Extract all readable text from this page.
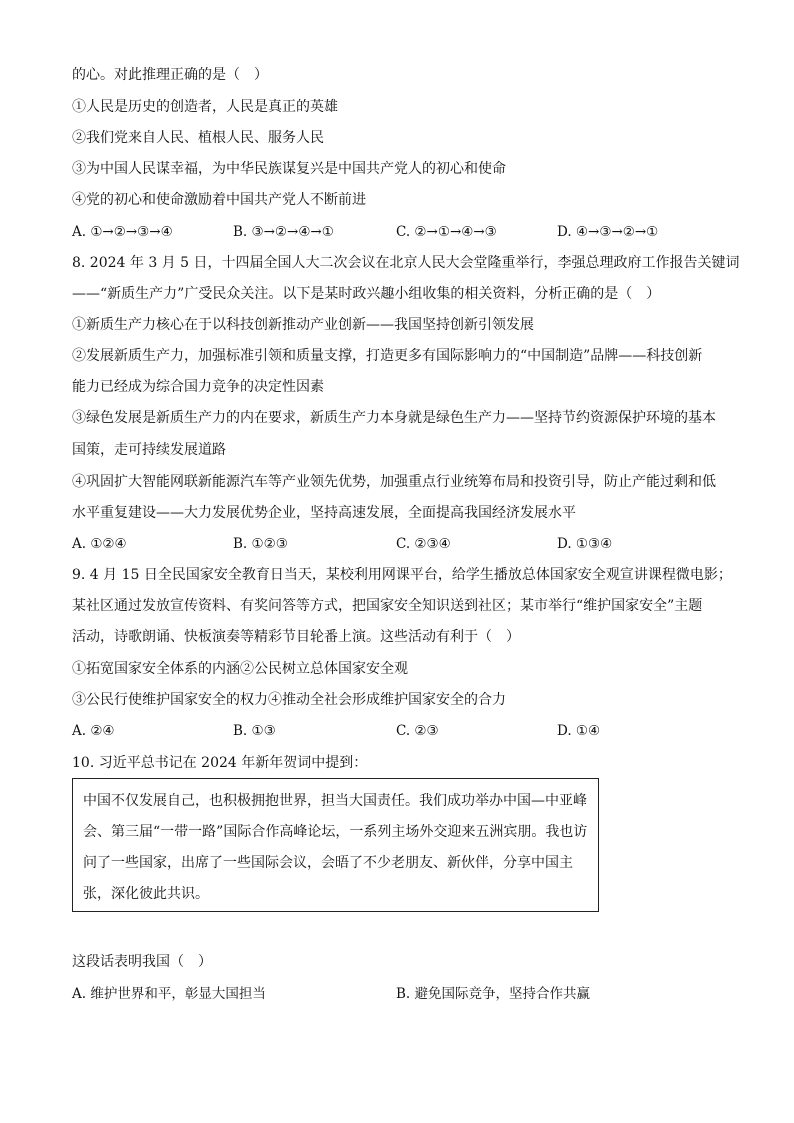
的心。对此推理正确的是（　）
①人民是历史的创造者，人民是真正的英雄
②我们党来自人民、植根人民、服务人民
③为中国人民谋幸福，为中华民族谋复兴是中国共产党人的初心和使命
④党的初心和使命激励着中国共产党人不断前进
A. ①→②→③→④	B. ③→②→④→①	C. ②→①→④→③	D. ④→③→②→①
8. 2024 年 3 月 5 日，十四届全国人大二次会议在北京人民大会堂隆重举行，李强总理政府工作报告关键词
——“新质生产力”广受民众关注。以下是某时政兴趣小组收集的相关资料，分析正确的是（　）
①新质生产力核心在于以科技创新推动产业创新——我国坚持创新引领发展
②发展新质生产力，加强标准引领和质量支撑，打造更多有国际影响力的“中国制造”品牌——科技创新
能力已经成为综合国力竞争的决定性因素
③绿色发展是新质生产力的内在要求，新质生产力本身就是绿色生产力——坚持节约资源保护环境的基本
国策，走可持续发展道路
④巩固扩大智能网联新能源汽车等产业领先优势，加强重点行业统筹布局和投资引导，防止产能过剩和低
水平重复建设——大力发展优势企业，坚持高速发展，全面提高我国经济发展水平
A. ①②④	B. ①②③	C. ②③④	D. ①③④
9. 4 月 15 日全民国家安全教育日当天，某校利用网课平台，给学生播放总体国家安全观宣讲课程微电影；
某社区通过发放宣传资料、有奖问答等方式，把国家安全知识送到社区；某市举行“维护国家安全”主题
活动，诗歌朗诵、快板演奏等精彩节目轮番上演。这些活动有利于（　）
①拓宽国家安全体系的内涵②公民树立总体国家安全观
③公民行使维护国家安全的权力④推动全社会形成维护国家安全的合力
A. ②④	B. ①③	C. ②③	D. ①④
10. 习近平总书记在 2024 年新年贺词中提到：
中国不仅发展自己，也积极拥抱世界，担当大国责任。我们成功举办中国—中亚峰
会、第三届“一带一路”国际合作高峰论坛，一系列主场外交迎来五洲宾朋。我也访
问了一些国家，出席了一些国际会议，会晤了不少老朋友、新伙伴，分享中国主
张，深化彼此共识。
这段话表明我国（　）
A. 维护世界和平，彰显大国担当	B. 避免国际竞争，坚持合作共赢
